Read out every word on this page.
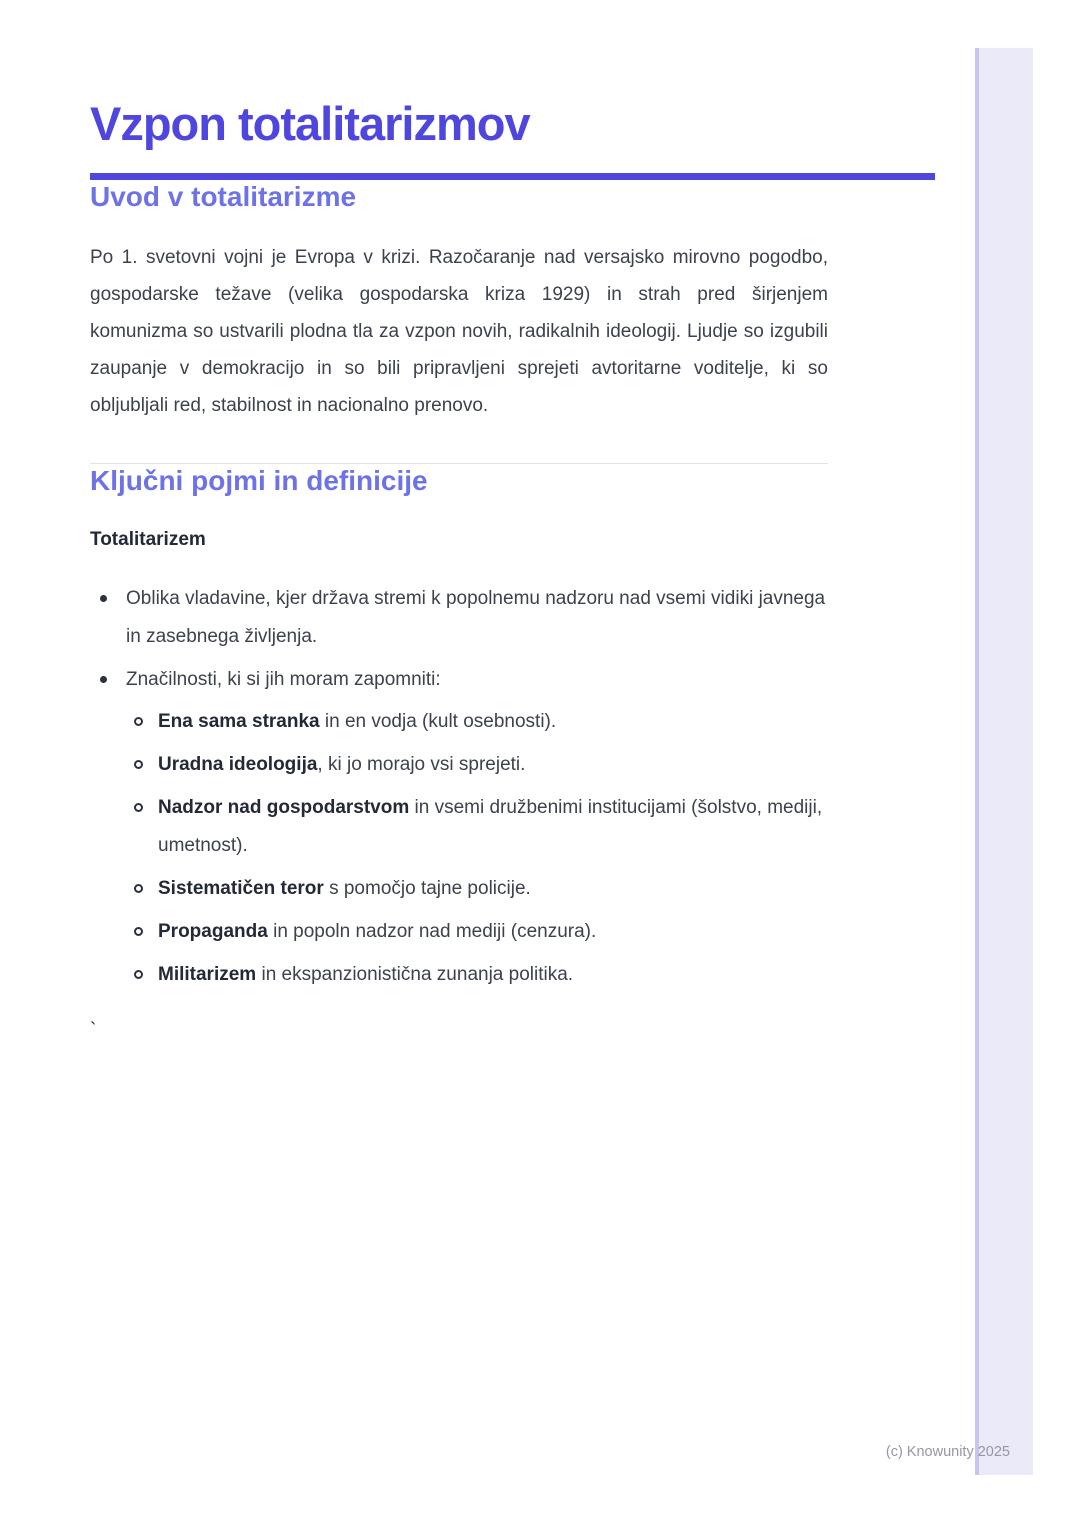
Vzpon totalitarizmov
Uvod v totalitarizme

Po 1. svetovni vojni je Evropa v krizi. Razočaranje nad versajsko mirovno pogodbo, gospodarske težave (velika gospodarska kriza 1929) in strah pred širjenjem komunizma so ustvarili plodna tla za vzpon novih, radikalnih ideologij. Ljudje so izgubili zaupanje v demokracijo in so bili pripravljeni sprejeti avtoritarne voditelje, ki so obljubljali red, stabilnost in nacionalno prenovo.

Ključni pojmi in definicije
Totalitarizem
Oblika vladavine, kjer država stremi k popolnemu nadzoru nad vsemi vidiki javnega in zasebnega življenja.
Značilnosti, ki si jih moram zapomniti:
Ena sama stranka in en vodja (kult osebnosti).
Uradna ideologija, ki jo morajo vsi sprejeti.
Nadzor nad gospodarstvom in vsemi družbenimi institucijami (šolstvo, mediji, umetnost).
Sistematičen teror s pomočjo tajne policije.
Propaganda in popoln nadzor nad mediji (cenzura).
Militarizem in ekspanzionistična zunanja politika.
`
(c) Knowunity 2025
